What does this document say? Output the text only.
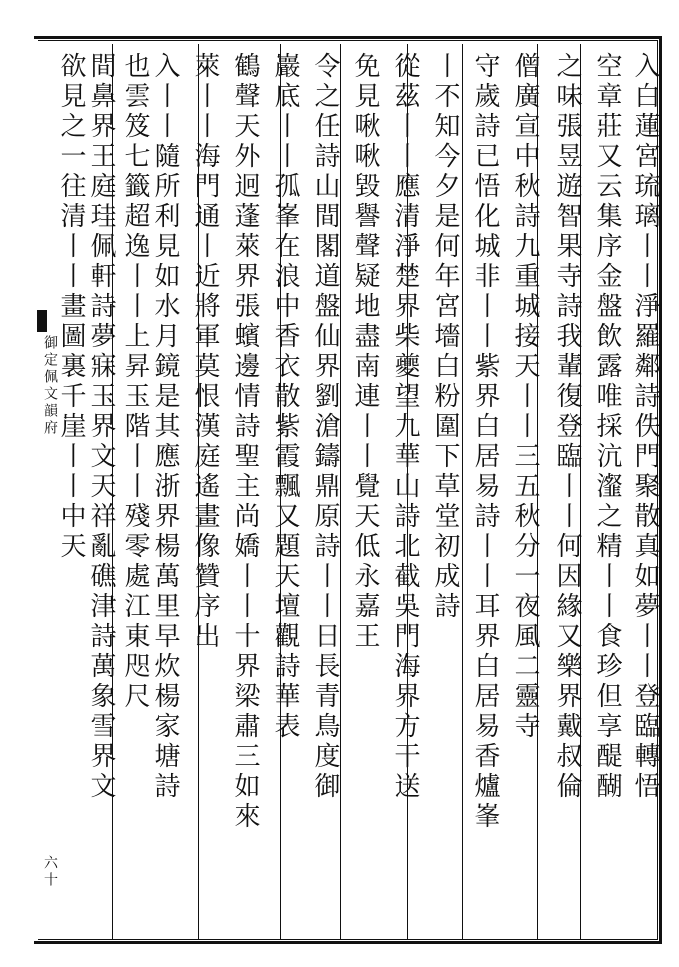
御定佩文韻府
六十
入白蓮宮琉璃丨丨淨羅鄰詩佚門聚散真如夢丨丨登臨轉悟
空章莊又云集序金盤飲露唯採沆瀣之精丨丨食珍但享醍醐
之味張昱遊智果寺詩我輩復登臨丨丨何因緣又樂界戴叔倫
僧廣宣中秋詩九重城接天丨丨三五秋分一夜風二靈寺
守歲詩已悟化城非丨丨紫界白居易詩丨丨耳界白居易香爐峯
丨不知今夕是何年宮墻白粉圍下草堂初成詩
從茲丨丨應清淨楚界柴夔望九華山詩北截吳門海界方干送
免見啾啾毀譽聲疑地盡南連丨丨覺天低永嘉王
令之任詩山間閣道盤仙界劉滄鑄鼎原詩丨丨日長青鳥度御
巖底丨丨孤峯在浪中香衣散紫霞飄又題天壇觀詩華表
鶴聲天外迥蓬萊界張蠙邊情詩聖主尚嬌丨丨十界梁肅三如來
萊丨丨海門通丨近將軍莫恨漢庭遙畫像贊序出
入丨丨隨所利見如水月鏡是其應浙界楊萬里早炊楊家塘詩
也雲笈七籤超逸丨丨上昇玉階丨丨殘零處江東咫尺
間鼻界王庭珪佩軒詩夢寐玉界文天祥亂礁津詩萬象雪界文
欲見之一往清丨丨畫圖裏千崖丨丨中天
